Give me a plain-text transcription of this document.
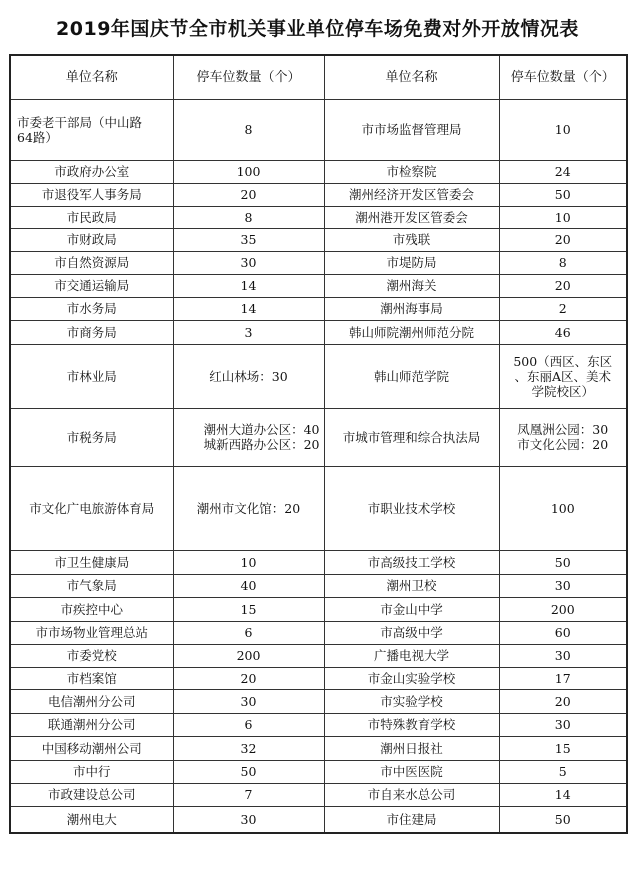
2019年国庆节全市机关事业单位停车场免费对外开放情况表
单位名称	停车位数量（个）	单位名称	停车位数量（个）

市委老干部局（中山路
64路）	8	市市场监督管理局	10

市政府办公室	100	市检察院	24

市退役军人事务局	20	潮州经济开发区管委会	50

市民政局	8	潮州港开发区管委会	10

市财政局	35	市残联	20

市自然资源局	30	市堤防局	8

市交通运输局	14	潮州海关	20

市水务局	14	潮州海事局	2

市商务局	3	韩山师院潮州师范分院	46

市林业局	红山林场：30	韩山师范学院	500（西区、东区
、东丽A区、美术
学院校区）

市税务局	潮州大道办公区：40
城新西路办公区：20	市城市管理和综合执法局	凤凰洲公园：30
市文化公园：20

市文化广电旅游体育局	潮州市文化馆：20	市职业技术学校	100

市卫生健康局	10	市高级技工学校	50

市气象局	40	潮州卫校	30

市疾控中心	15	市金山中学	200

市市场物业管理总站	6	市高级中学	60

市委党校	200	广播电视大学	30

市档案馆	20	市金山实验学校	17

电信潮州分公司	30	市实验学校	20

联通潮州分公司	6	市特殊教育学校	30

中国移动潮州公司	32	潮州日报社	15

市中行	50	市中医医院	5

市政建设总公司	7	市自来水总公司	14

潮州电大	30	市住建局	50
